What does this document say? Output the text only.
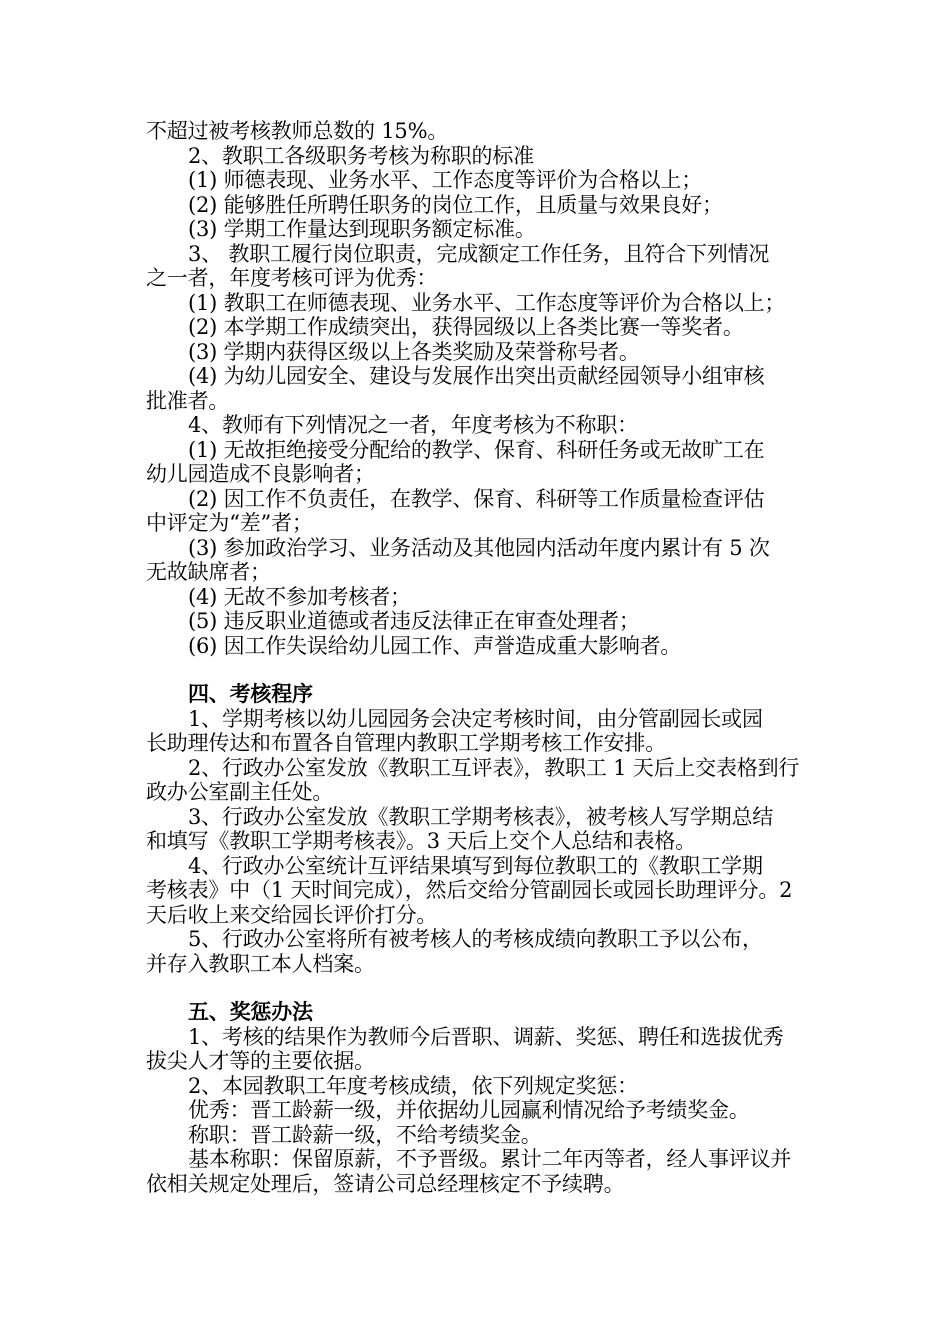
不超过被考核教师总数的 15%。

2、教职工各级职务考核为称职的标准

(1) 师德表现、业务水平、工作态度等评价为合格以上；

(2) 能够胜任所聘任职务的岗位工作，且质量与效果良好；

(3) 学期工作量达到现职务额定标准。

3、 教职工履行岗位职责，完成额定工作任务，且符合下列情况

之一者，年度考核可评为优秀：

(1) 教职工在师德表现、业务水平、工作态度等评价为合格以上；

(2) 本学期工作成绩突出，获得园级以上各类比赛一等奖者。

(3) 学期内获得区级以上各类奖励及荣誉称号者。

(4) 为幼儿园安全、建设与发展作出突出贡献经园领导小组审核

批准者。

4、教师有下列情况之一者，年度考核为不称职：

(1) 无故拒绝接受分配给的教学、保育、科研任务或无故旷工在

幼儿园造成不良影响者；

(2) 因工作不负责任，在教学、保育、科研等工作质量检查评估

中评定为“差”者；

(3) 参加政治学习、业务活动及其他园内活动年度内累计有 5 次

无故缺席者；

(4) 无故不参加考核者；

(5) 违反职业道德或者违反法律正在审查处理者；

(6) 因工作失误给幼儿园工作、声誉造成重大影响者。

四、考核程序

1、学期考核以幼儿园园务会决定考核时间，由分管副园长或园

长助理传达和布置各自管理内教职工学期考核工作安排。

2、行政办公室发放《教职工互评表》，教职工 1 天后上交表格到行

政办公室副主任处。

3、行政办公室发放《教职工学期考核表》，被考核人写学期总结

和填写《教职工学期考核表》。3 天后上交个人总结和表格。

4、行政办公室统计互评结果填写到每位教职工的《教职工学期

考核表》中（1 天时间完成），然后交给分管副园长或园长助理评分。2

天后收上来交给园长评价打分。

5、行政办公室将所有被考核人的考核成绩向教职工予以公布，

并存入教职工本人档案。

五、奖惩办法

1、考核的结果作为教师今后晋职、调薪、奖惩、聘任和选拔优秀

拔尖人才等的主要依据。

2、本园教职工年度考核成绩，依下列规定奖惩：

优秀：晋工龄薪一级，并依据幼儿园赢利情况给予考绩奖金。

称职：晋工龄薪一级，不给考绩奖金。

基本称职：保留原薪，不予晋级。累计二年丙等者，经人事评议并

依相关规定处理后，签请公司总经理核定不予续聘。
